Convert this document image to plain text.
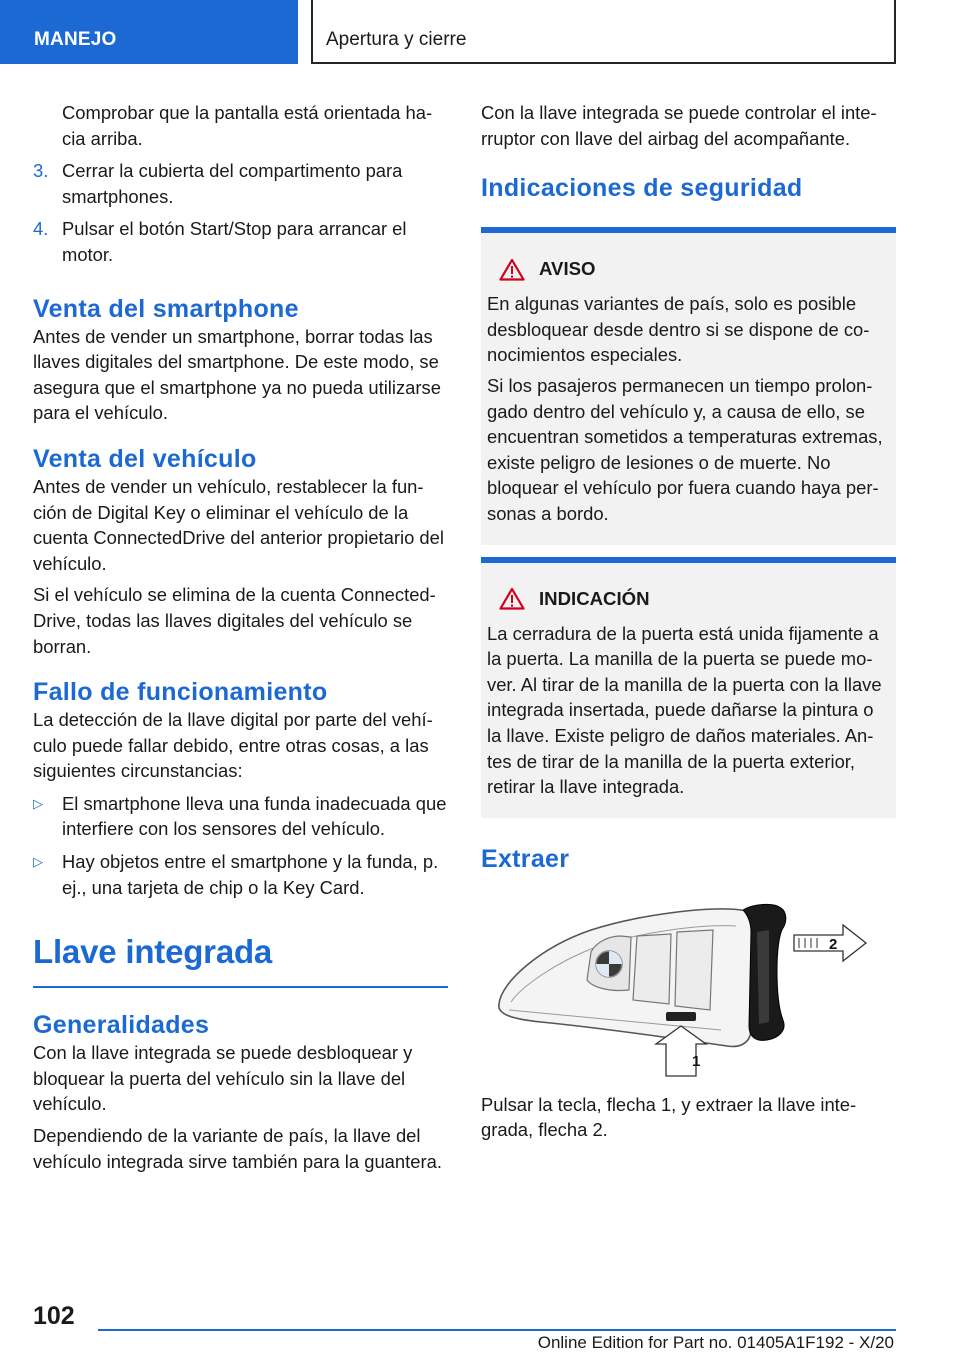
MANEJO	Apertura y cierre

Comprobar que la pantalla está orientada hacia arriba.

3. Cerrar la cubierta del compartimento para smartphones.
4. Pulsar el botón Start/Stop para arrancar el motor.
Venta del smartphone

Antes de vender un smartphone, borrar todas las llaves digitales del smartphone. De este modo, se asegura que el smartphone ya no pueda utilizarse para el vehículo.

Venta del vehículo

Antes de vender un vehículo, restablecer la función de Digital Key o eliminar el vehículo de la cuenta ConnectedDrive del anterior propietario del vehículo.

Si el vehículo se elimina de la cuenta ConnectedDrive, todas las llaves digitales del vehículo se borran.

Fallo de funcionamiento

La detección de la llave digital por parte del vehículo puede fallar debido, entre otras cosas, a las siguientes circunstancias:

▷	El smartphone lleva una funda inadecuada que interfiere con los sensores del vehículo.
▷	Hay objetos entre el smartphone y la funda, p. ej., una tarjeta de chip o la Key Card.
Llave integrada
Generalidades

Con la llave integrada se puede desbloquear y bloquear la puerta del vehículo sin la llave del vehículo.

Dependiendo de la variante de país, la llave del vehículo integrada sirve también para la guantera.

Con la llave integrada se puede controlar el interruptor con llave del airbag del acompañante.

Indicaciones de seguridad
AVISO

En algunas variantes de país, solo es posible desbloquear desde dentro si se dispone de conocimientos especiales.

Si los pasajeros permanecen un tiempo prolongado dentro del vehículo y, a causa de ello, se encuentran sometidos a temperaturas extremas, existe peligro de lesiones o de muerte. No bloquear el vehículo por fuera cuando haya personas a bordo.

INDICACIÓN

La cerradura de la puerta está unida fijamente a la puerta. La manilla de la puerta se puede mover. Al tirar de la manilla de la puerta con la llave integrada insertada, puede dañarse la pintura o la llave. Existe peligro de daños materiales. Antes de tirar de la manilla de la puerta exterior, retirar la llave integrada.

Extraer
2
1

Pulsar la tecla, flecha 1, y extraer la llave integrada, flecha 2.

102
Online Edition for Part no. 01405A1F192 - X/20
